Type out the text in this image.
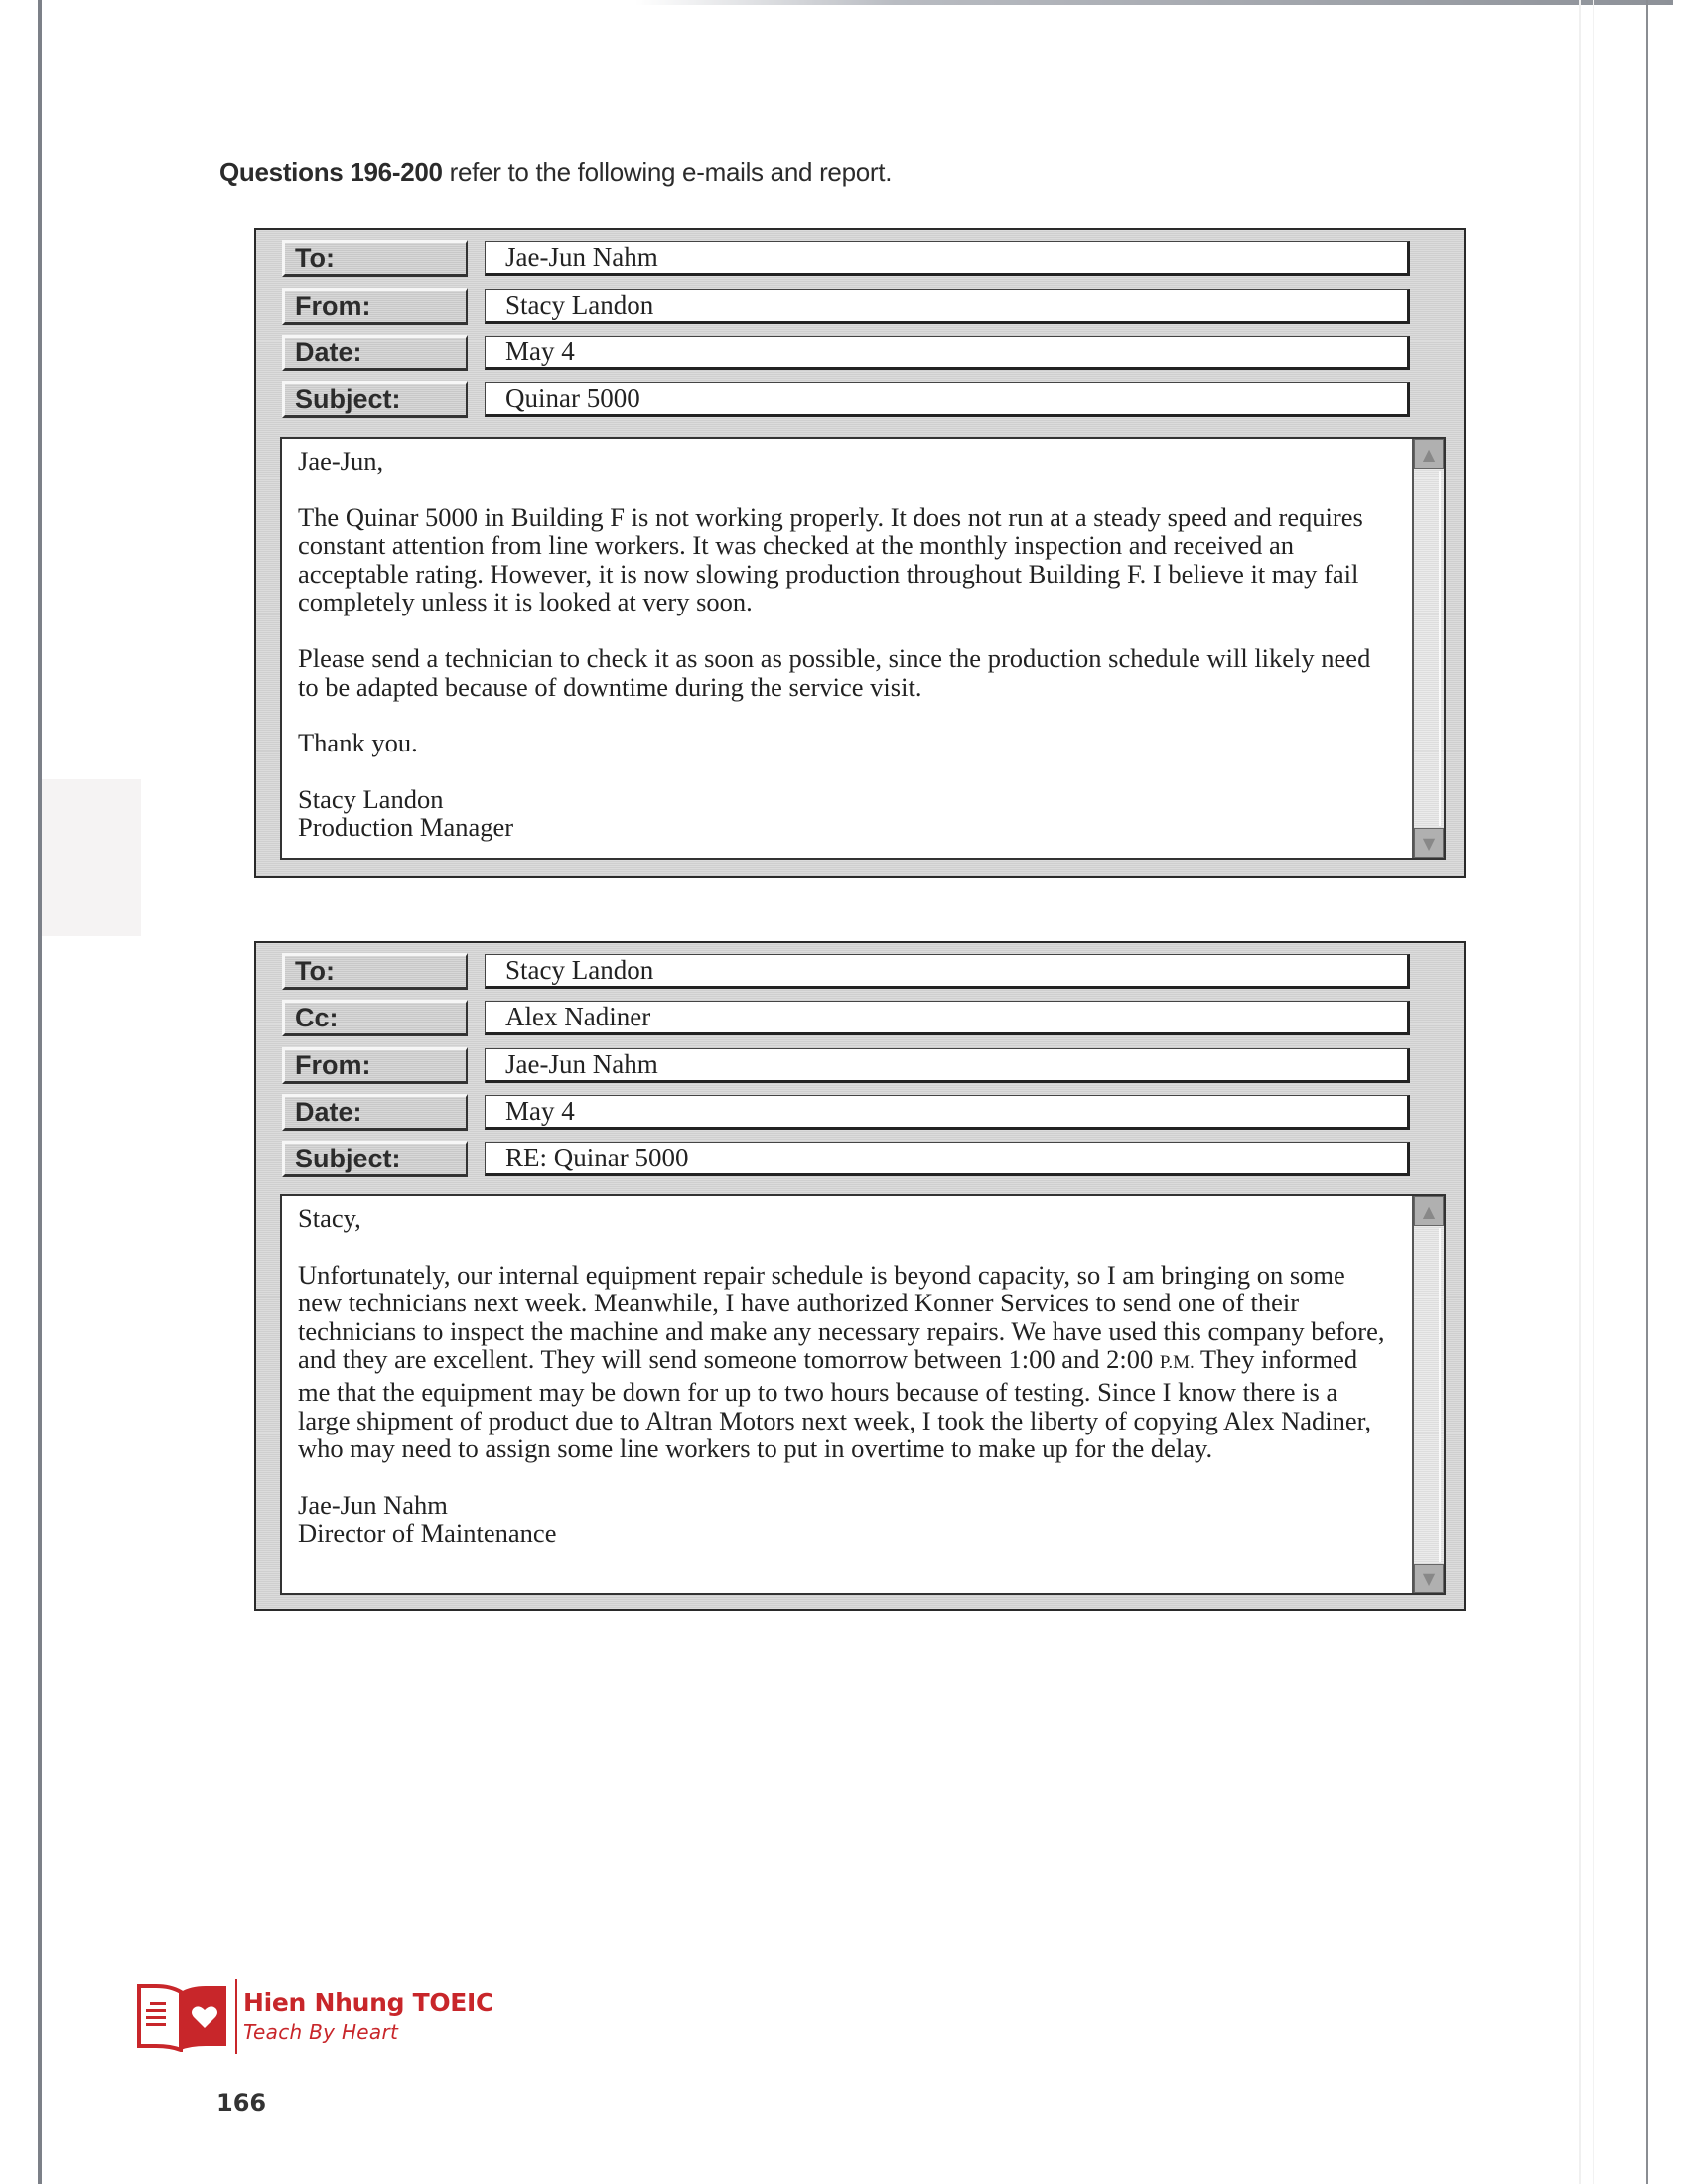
Questions 196-200 refer to the following e-mails and report.
To:	Jae-Jun Nahm
From:	Stacy Landon
Date:	May 4
Subject:	Quinar 5000

Jae-Jun,

The Quinar 5000 in Building F is not working properly. It does not run at a steady speed and requires constant attention from line workers. It was checked at the monthly inspection and received an acceptable rating. However, it is now slowing production throughout Building F. I believe it may fail completely unless it is looked at very soon.

Please send a technician to check it as soon as possible, since the production schedule will likely need to be adapted because of downtime during the service visit.

Thank you.

Stacy Landon

Production Manager

▲
▼
To:	Stacy Landon
Cc:	Alex Nadiner
From:	Jae-Jun Nahm
Date:	May 4
Subject:	RE: Quinar 5000

Stacy,

Unfortunately, our internal equipment repair schedule is beyond capacity, so I am bringing on some new technicians next week. Meanwhile, I have authorized Konner Services to send one of their technicians to inspect the machine and make any necessary repairs. We have used this company before, and they are excellent. They will send someone tomorrow between 1:00 and 2:00 P.M. They informed me that the equipment may be down for up to two hours because of testing. Since I know there is a large shipment of product due to Altran Motors next week, I took the liberty of copying Alex Nadiner, who may need to assign some line workers to put in overtime to make up for the delay.

Jae-Jun Nahm

Director of Maintenance

▲
▼
Hien Nhung TOEIC
Teach By Heart
166
